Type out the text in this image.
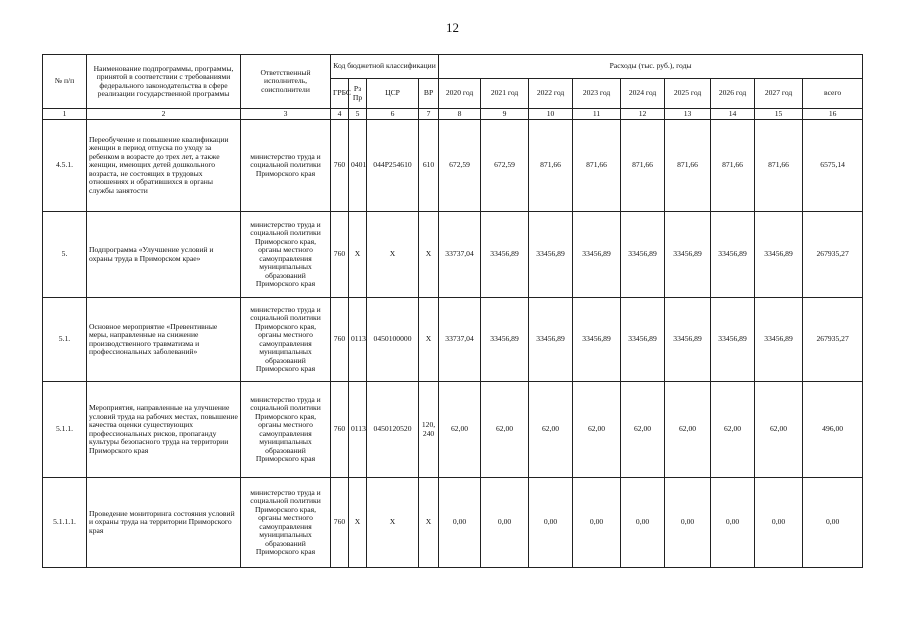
12
№ п/п	Наименование подпрограммы, программы, принятой в соответствии с требованиями федерального законодательства в сфере реализации государственной программы	Ответственный исполнитель, соисполнители	Код бюджетной классификации				Расходы (тыс. руб.), годы								
			ГРБС	Рз Пр	ЦСР	ВР	2020 год	2021 год	2022 год	2023 год	2024 год	2025 год	2026 год	2027 год	всего
1	2	3	4	5	6	7	8	9	10	11	12	13	14	15	16
4.5.1.	Переобучение и повышение квалификации женщин в период отпуска по уходу за ребенком в возрасте до трех лет, а также женщин, имеющих детей дошкольного возраста, не состоящих в трудовых отношениях и обратившихся в органы службы занятости	министерство труда и социальной политики Приморского края	760	0401	044Р254610	610	672,59	672,59	871,66	871,66	871,66	871,66	871,66	871,66	6575,14
5.	Подпрограмма «Улучшение условий и охраны труда в Приморском крае»	министерство труда и социальной политики Приморского края, органы местного самоуправления муниципальных образований Приморского края	760	X	X	X	33737,04	33456,89	33456,89	33456,89	33456,89	33456,89	33456,89	33456,89	267935,27
5.1.	Основное мероприятие «Превентивные меры, направленные на снижение производственного травматизма и профессиональных заболеваний»	министерство труда и социальной политики Приморского края, органы местного самоуправления муниципальных образований Приморского края	760	0113	0450100000	X	33737,04	33456,89	33456,89	33456,89	33456,89	33456,89	33456,89	33456,89	267935,27
5.1.1.	Мероприятия, направленные на улучшение условий труда на рабочих местах, повышение качества оценки существующих профессиональных рисков, пропаганду культуры безопасного труда на территории Приморского края	министерство труда и социальной политики Приморского края, органы местного самоуправления муниципальных образований Приморского края	760	0113	0450120520	120, 240	62,00	62,00	62,00	62,00	62,00	62,00	62,00	62,00	496,00
5.1.1.1.	Проведение мониторинга состояния условий и охраны труда на территории Приморского края	министерство труда и социальной политики Приморского края, органы местного самоуправления муниципальных образований Приморского края	760	X	X	X	0,00	0,00	0,00	0,00	0,00	0,00	0,00	0,00	0,00
